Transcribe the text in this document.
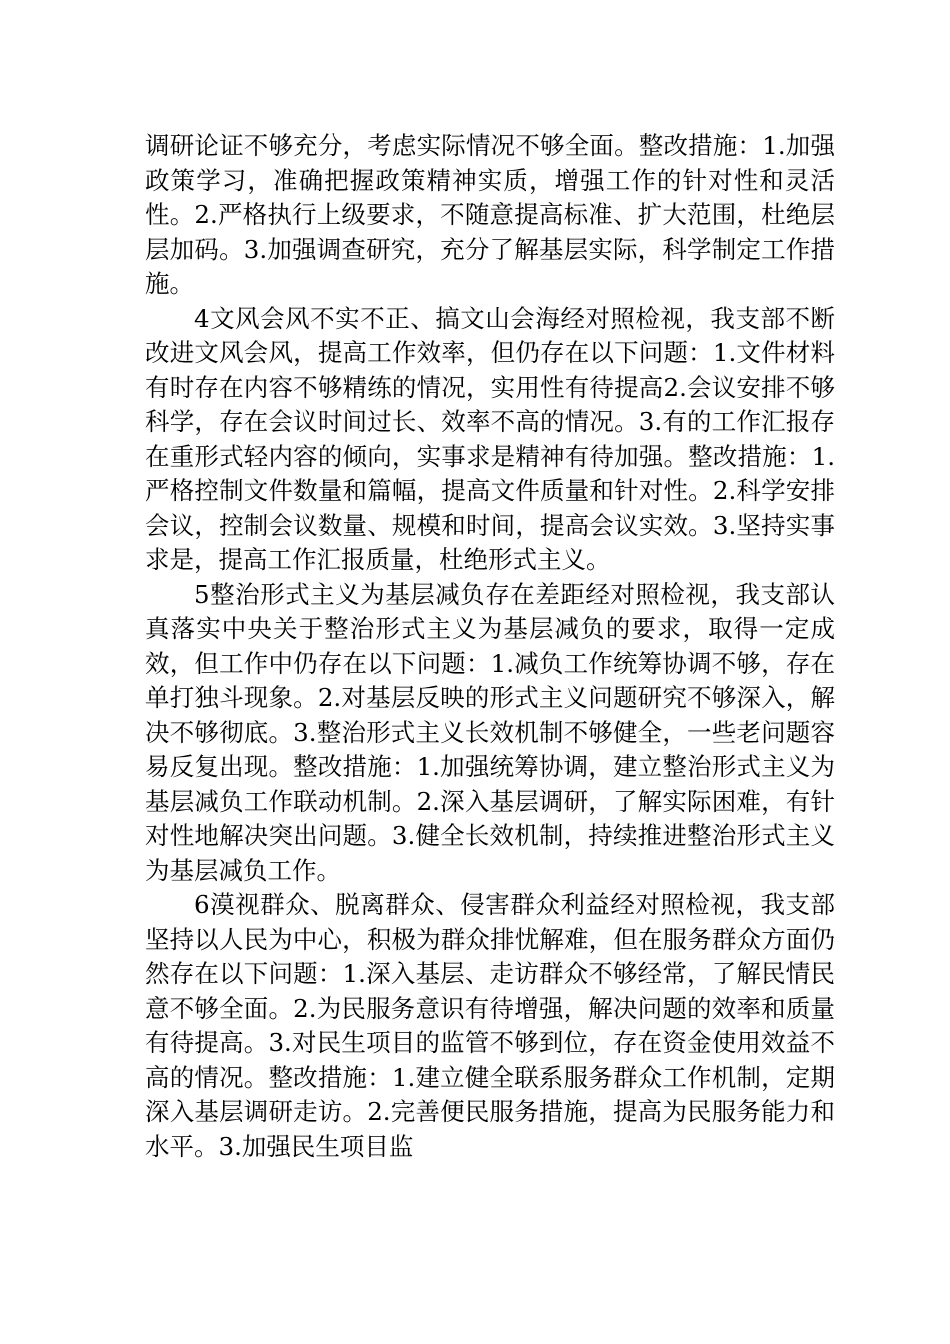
调研论证不够充分，考虑实际情况不够全面。整改措施：1.加强政策学习，准确把握政策精神实质，增强工作的针对性和灵活性。2.严格执行上级要求，不随意提高标准、扩大范围，杜绝层层加码。3.加强调查研究，充分了解基层实际，科学制定工作措施。

4文风会风不实不正、搞文山会海经对照检视，我支部不断改进文风会风，提高工作效率，但仍存在以下问题：1.文件材料有时存在内容不够精练的情况，实用性有待提高2.会议安排不够科学，存在会议时间过长、效率不高的情况。3.有的工作汇报存在重形式轻内容的倾向，实事求是精神有待加强。整改措施：1.严格控制文件数量和篇幅，提高文件质量和针对性。2.科学安排会议，控制会议数量、规模和时间，提高会议实效。3.坚持实事求是，提高工作汇报质量，杜绝形式主义。

5整治形式主义为基层减负存在差距经对照检视，我支部认真落实中央关于整治形式主义为基层减负的要求，取得一定成效，但工作中仍存在以下问题：1.减负工作统筹协调不够，存在单打独斗现象。2.对基层反映的形式主义问题研究不够深入，解决不够彻底。3.整治形式主义长效机制不够健全，一些老问题容易反复出现。整改措施：1.加强统筹协调，建立整治形式主义为基层减负工作联动机制。2.深入基层调研，了解实际困难，有针对性地解决突出问题。3.健全长效机制，持续推进整治形式主义为基层减负工作。

6漠视群众、脱离群众、侵害群众利益经对照检视，我支部坚持以人民为中心，积极为群众排忧解难，但在服务群众方面仍然存在以下问题：1.深入基层、走访群众不够经常，了解民情民意不够全面。2.为民服务意识有待增强，解决问题的效率和质量有待提高。3.对民生项目的监管不够到位，存在资金使用效益不高的情况。整改措施：1.建立健全联系服务群众工作机制，定期深入基层调研走访。2.完善便民服务措施，提高为民服务能力和水平。3.加强民生项目监
